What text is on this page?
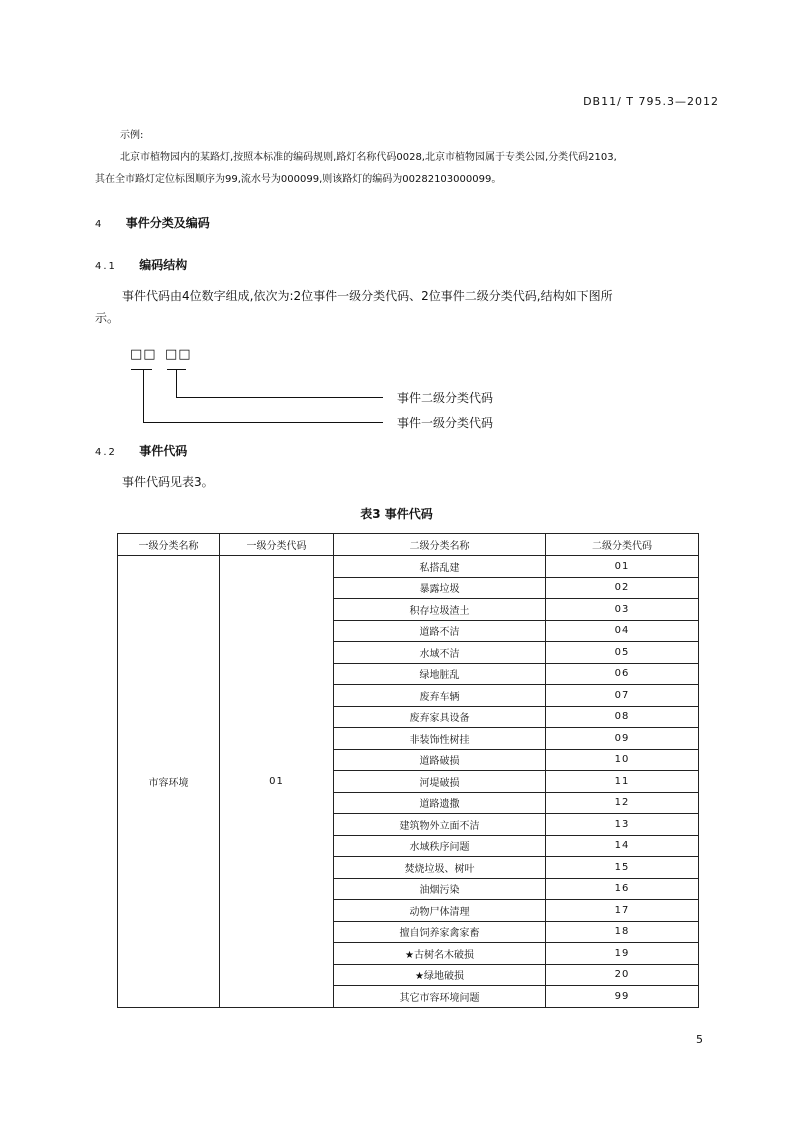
DB11/ T 795.3—2012
示例:
北京市植物园内的某路灯,按照本标准的编码规则,路灯名称代码0028,北京市植物园属于专类公园,分类代码2103,
其在全市路灯定位标图顺序为99,流水号为000099,则该路灯的编码为00282103000099。
4 事件分类及编码
4.1 编码结构
事件代码由4位数字组成,依次为:2位事件一级分类代码、2位事件二级分类代码,结构如下图所
示。
□□ □□
事件二级分类代码
事件一级分类代码
4.2 事件代码
事件代码见表3。
表3 事件代码
一级分类名称	一级分类代码	二级分类名称	二级分类代码
市容环境	01	私搭乱建	01
		暴露垃圾	02
		积存垃圾渣土	03
		道路不洁	04
		水域不洁	05
		绿地脏乱	06
		废弃车辆	07
		废弃家具设备	08
		非装饰性树挂	09
		道路破损	10
		河堤破损	11
		道路遗撒	12
		建筑物外立面不洁	13
		水域秩序问题	14
		焚烧垃圾、树叶	15
		油烟污染	16
		动物尸体清理	17
		擅自饲养家禽家畜	18
		★古树名木破损	19
		★绿地破损	20
		其它市容环境问题	99
5
